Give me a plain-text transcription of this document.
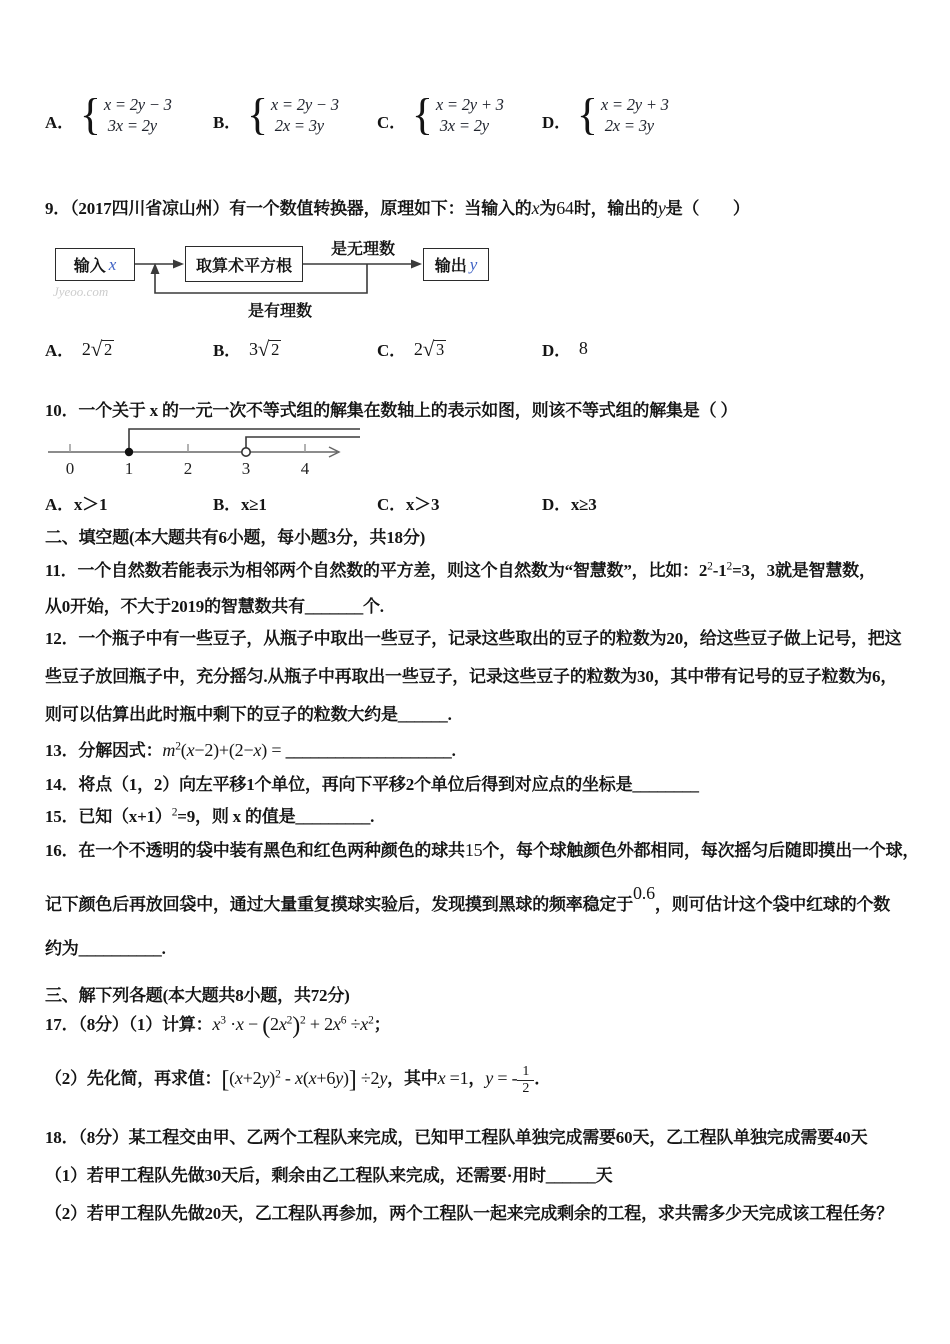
A． { x = 2y − 3
3x = 2y	B． { x = 2y − 3
2x = 3y	C． { x = 2y + 3
3x = 2y	D． { x = 2y + 3
2x = 3y
9．（2017四川省凉山州）有一个数值转换器，原理如下：当输入的x为64时，输出的y是（　　）
Jyeoo.com
输入 x	取算术平方根	输出 y
是无理数
是有理数
A． 2 √ 2	B． 3 √ 2	C． 2 √ 3	D． 8
10．一个关于 x 的一元一次不等式组的解集在数轴上的表示如图，则该不等式组的解集是（ ）
0	1	2	3	4
A．x＞1	B．x≥1	C．x＞3	D．x≥3
二、填空题(本大题共有6小题，每小题3分，共18分)
11．一个自然数若能表示为相邻两个自然数的平方差，则这个自然数为“智慧数”，比如：$2^2-1^2=3$，3就是智慧数，
从0开始，不大于2019的智慧数共有_______个.
12．一个瓶子中有一些豆子，从瓶子中取出一些豆子，记录这些取出的豆子的粒数为20，给这些豆子做上记号，把这
些豆子放回瓶子中，充分摇匀.从瓶子中再取出一些豆子，记录这些豆子的粒数为30，其中带有记号的豆子粒数为6，
则可以估算出此时瓶中剩下的豆子的粒数大约是______.
13．分解因式：$m^2(x-2)+(2-x)$ = ____________________.
14．将点（1，2）向左平移1个单位，再向下平移2个单位后得到对应点的坐标是________
15．已知$(x+1)^2=9$，则 x 的值是_________.
16．在一个不透明的袋中装有黑色和红色两种颜色的球共15个，每个球触颜色外都相同，每次摇匀后随即摸出一个球，
记下颜色后再放回袋中，通过大量重复摸球实验后，发现摸到黑球的频率稳定于0.6，则可估计这个袋中红球的个数
约为__________.
三、解下列各题(本大题共8小题，共72分)
17．（8分）（1）计算：$x^3 \cdot x - (2x^2)^2 + 2x^6 \div x^2$；
（2）先化简，再求值：$[(x+2y)^2 - x(x+6y)] \div 2y$，其中x =1，y = - $\frac{1}{2}$ ．
18．（8分）某工程交由甲、乙两个工程队来完成，已知甲工程队单独完成需要60天，乙工程队单独完成需要40天
（1）若甲工程队先做30天后，剩余由乙工程队来完成，还需要·用时______天
（2）若甲工程队先做20天，乙工程队再参加，两个工程队一起来完成剩余的工程，求共需多少天完成该工程任务？
